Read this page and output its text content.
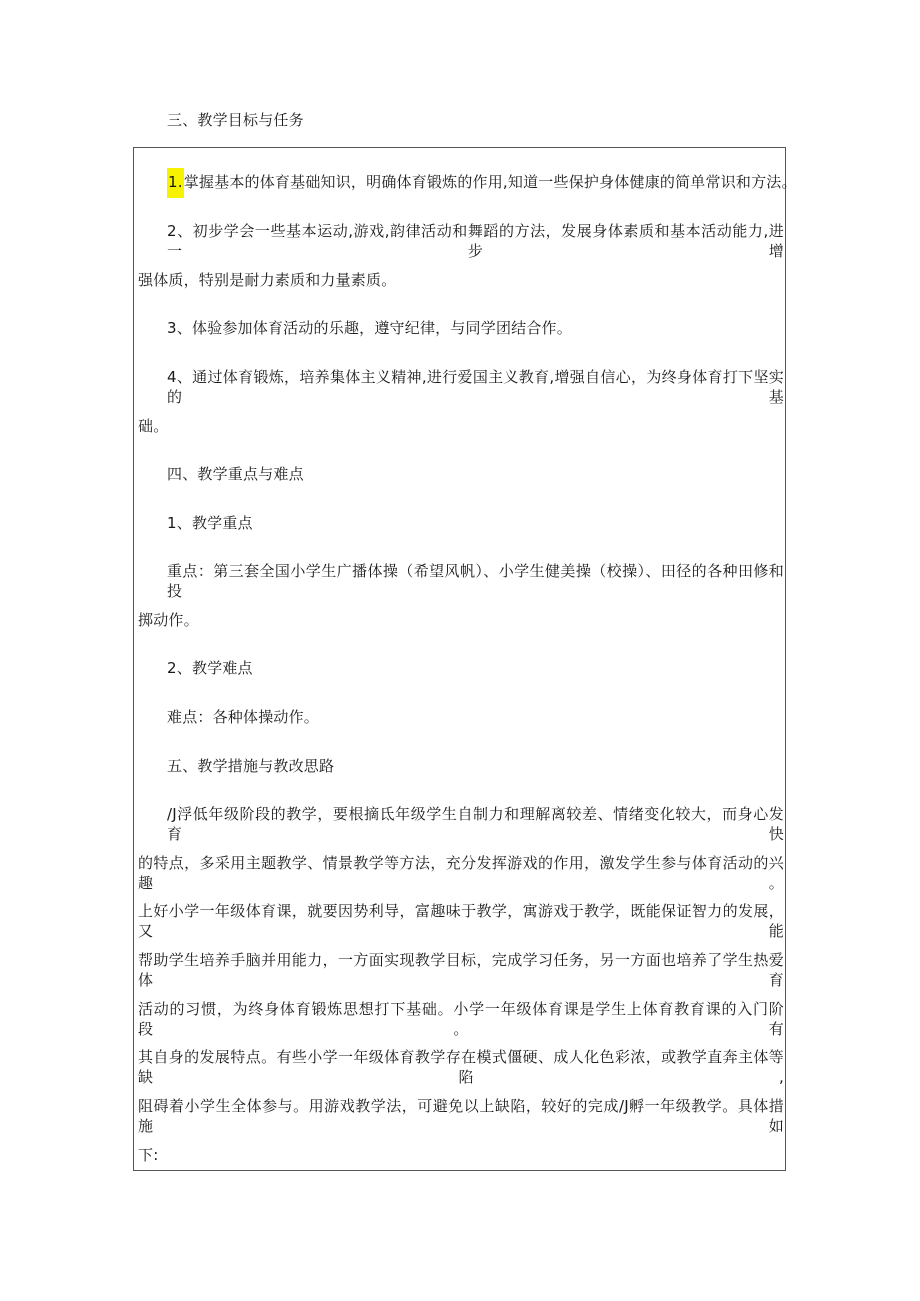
三、教学目标与任务
1.掌握基本的体育基础知识，明确体育锻炼的作用,知道一些保护身体健康的简单常识和方法。
2、初步学会一些基本运动,游戏,韵律活动和舞蹈的方法，发展身体素质和基本活动能力,进一步增
强体质，特别是耐力素质和力量素质。
3、体验参加体育活动的乐趣，遵守纪律，与同学团结合作。
4、通过体育锻炼，培养集体主义精神,进行爱国主义教育,增强自信心，为终身体育打下坚实的基
础。
四、教学重点与难点
1、教学重点
重点：第三套全国小学生广播体操（希望风帆）、小学生健美操（校操）、田径的各种田修和投
掷动作。
2、教学难点
难点：各种体操动作。
五、教学措施与教改思路
/J浮低年级阶段的教学，要根摘氐年级学生自制力和理解离较差、情绪变化较大，而身心发育快
的特点，多采用主题教学、情景教学等方法，充分发挥游戏的作用，激发学生参与体育活动的兴趣。
上好小学一年级体育课，就要因势利导，富趣味于教学，寓游戏于教学，既能保证智力的发展，又能
帮助学生培养手脑并用能力，一方面实现教学目标，完成学习任务，另一方面也培养了学生热爱体育
活动的习惯，为终身体育锻炼思想打下基础。小学一年级体育课是学生上体育教育课的入门阶段。有
其自身的发展特点。有些小学一年级体育教学存在模式僵硬、成人化色彩浓，或教学直奔主体等缺陷,
阻碍着小学生全体参与。用游戏教学法，可避免以上缺陷，较好的完成/J孵一年级教学。具体措施如
下:
